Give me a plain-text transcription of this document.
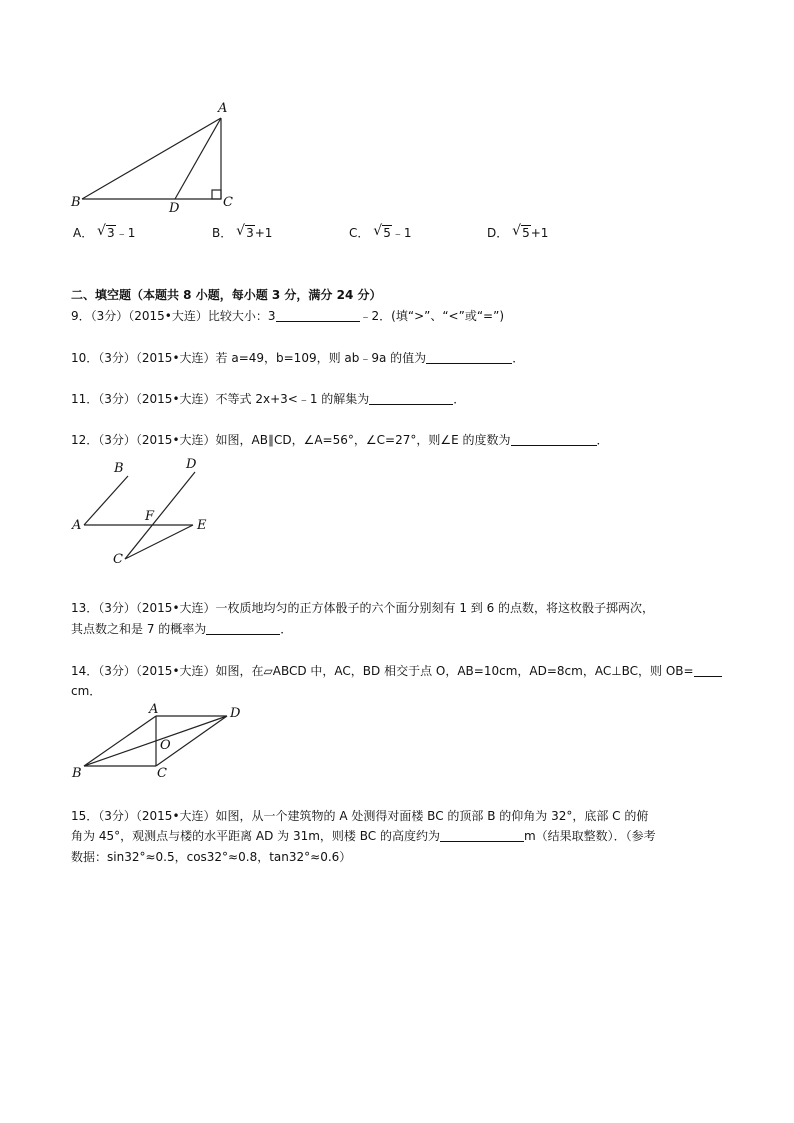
A
B	D	C
A． √ 3﹣1	B． √ 3+1	C． √ 5﹣1	D． √ 5+1
二、填空题（本题共 8 小题，每小题 3 分，满分 24 分）
9．（3分）（2015•大连）比较大小：3	﹣2．(填“>”、“<”或“=”)
10．（3分）（2015•大连）若 a=49，b=109，则 ab﹣9a 的值为	．
11．（3分）（2015•大连）不等式 2x+3<﹣1 的解集为	．
12．（3分）（2015•大连）如图，AB∥CD，∠A=56°，∠C=27°，则∠E 的度数为	．
B	D
A
F
E
C
13．（3分）（2015•大连）一枚质地均匀的正方体骰子的六个面分别刻有 1 到 6 的点数，将这枚骰子掷两次，
其点数之和是 7 的概率为	．
14．（3分）（2015•大连）如图，在▱ABCD 中，AC，BD 相交于点 O，AB=10cm，AD=8cm，AC⊥BC，则 OB=
cm．
A	D
O
B	C
15．（3分）（2015•大连）如图，从一个建筑物的 A 处测得对面楼 BC 的顶部 B 的仰角为 32°，底部 C 的俯
角为 45°，观测点与楼的水平距离 AD 为 31m，则楼 BC 的高度约为	m（结果取整数）．（参考
数据：sin32°≈0.5，cos32°≈0.8，tan32°≈0.6）
